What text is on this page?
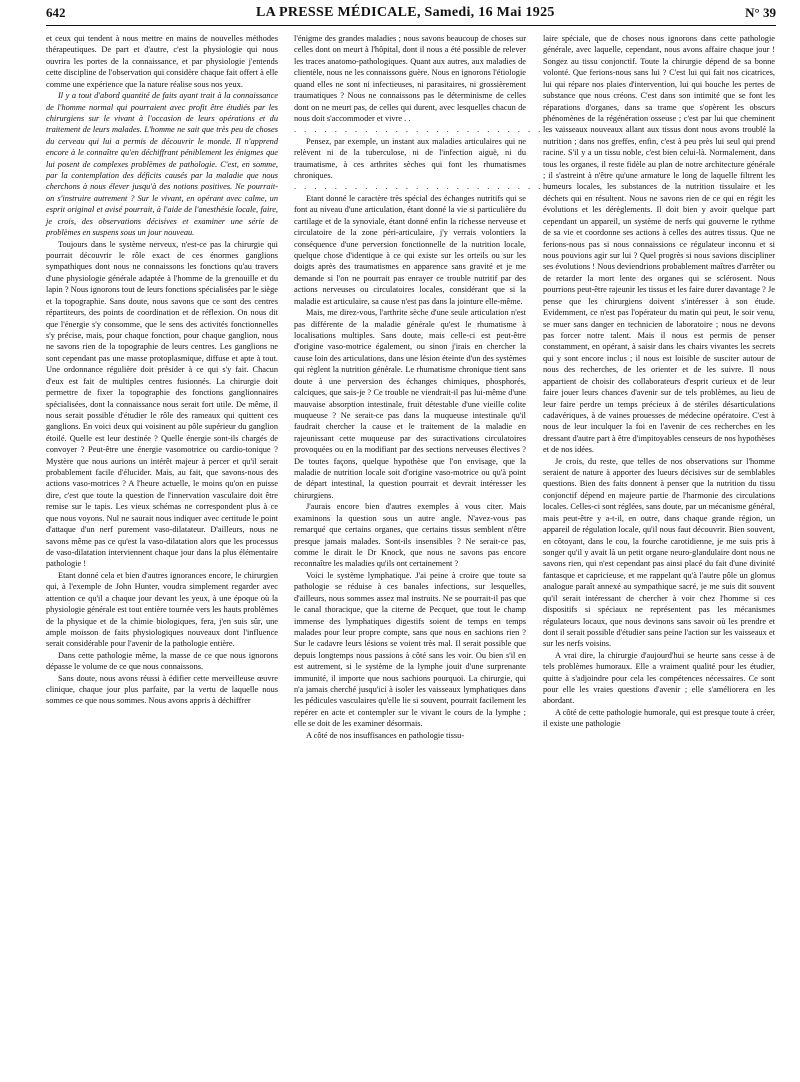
642	LA PRESSE MÉDICALE, Samedi, 16 Mai 1925	N° 39

et ceux qui tendent à nous mettre en mains de nouvelles méthodes thérapeutiques. De part et d'autre, c'est la physiologie qui nous ouvrira les portes de la connaissance, et par physiologie j'entends cette discipline de l'observation qui considère chaque fait offert à elle comme une expérience que la nature réalise sous nos yeux.

Il y a tout d'abord quantité de faits ayant trait à la connaissance de l'homme normal qui pourraient avec profit être étudiés par les chirurgiens sur le vivant à l'occasion de leurs opérations et du traitement de leurs malades. L'homme ne sait que très peu de choses du cerveau qui lui a permis de découvrir le monde. Il n'apprend encore à le connaître qu'en déchiffrant péniblement les énigmes que lui posent de complexes problèmes de pathologie. C'est, en somme, par la contemplation des déficits causés par la maladie que nous cherchons à nous élever jusqu'à des notions positives. Ne pourrait-on s'instruire autrement ? Sur le vivant, en opérant avec calme, un esprit original et avisé pourrait, à l'aide de l'anesthésie locale, faire, je crois, des observations décisives et examiner une série de problèmes en suspens sous un jour nouveau.

Toujours dans le système nerveux, n'est-ce pas la chirurgie qui pourrait découvrir le rôle exact de ces énormes ganglions sympathiques dont nous ne connaissons les fonctions qu'au travers d'une physiologie générale adaptée à l'homme de la grenouille et du lapin ? Nous ignorons tout de leurs fonctions spécialisées par le siège et la topographie. Sans doute, nous savons que ce sont des centres répartiteurs, des points de coordination et de réflexion. On nous dit que l'énergie s'y consomme, que le sens des activités fonctionnelles s'y précise, mais, pour chaque fonction, pour chaque ganglion, nous ne savons rien de la topographie de leurs centres. Les ganglions ne sont cependant pas une masse protoplasmique, diffuse et apte à tout. Une ordonnance régulière doit présider à ce qui s'y fait. Chacun d'eux est fait de multiples centres fusionnés. La chirurgie doit permettre de fixer la topographie des fonctions ganglionnaires spécialisées, dont la connaissance nous serait fort utile. De même, il nous serait possible d'étudier le rôle des rameaux qui quittent ces ganglions. En voici deux qui voisinent au pôle supérieur du ganglion étoilé. Quelle est leur destinée ? Quelle énergie sont-ils chargés de convoyer ? Peut-être une énergie vasomotrice ou cardio-tonique ? Mystère que nous aurions un intérêt majeur à percer et qu'il serait probablement facile d'élucider. Mais, au fait, que savons-nous des actions vaso-motrices ? A l'heure actuelle, le moins qu'on en puisse dire, c'est que toute la question de l'innervation vasculaire doit être remise sur le tapis. Les vieux schémas ne correspondent plus à ce que nous voyons. Nul ne saurait nous indiquer avec certitude le point d'attaque d'un nerf purement vaso-dilatateur. D'ailleurs, nous ne savons même pas ce qu'est la vaso-dilatation alors que les processus de vaso-dilatation interviennent chaque jour dans la plus élémentaire pathologie !

Etant donné cela et bien d'autres ignorances encore, le chirurgien qui, à l'exemple de John Hunter, voudra simplement regarder avec attention ce qu'il a chaque jour devant les yeux, à une époque où la physiologie générale est tout entière tournée vers les hauts problèmes de la physique et de la chimie biologiques, fera, j'en suis sûr, une ample moisson de faits physiologiques nouveaux dont l'influence serait considérable pour l'avenir de la pathologie entière.

Dans cette pathologie même, la masse de ce que nous ignorons dépasse le volume de ce que nous connaissons.

Sans doute, nous avons réussi à édifier cette merveilleuse œuvre clinique, chaque jour plus parfaite, par la vertu de laquelle nous sommes ce que nous sommes. Nous avons appris à déchiffrer

l'énigme des grandes maladies ; nous savons beaucoup de choses sur celles dont on meurt à l'hôpital, dont il nous a été possible de relever les traces anatomo-pathologiques. Quant aux autres, aux maladies de clientèle, nous ne les connaissons guère. Nous en ignorons l'étiologie quand elles ne sont ni infectieuses, ni parasitaires, ni grossièrement traumatiques ? Nous ne connaissons pas le déterminisme de celles dont on ne meurt pas, de celles qui durent, avec lesquelles chacun de nous doit s'accommoder et vivre . .

. . . . . . . . . . . . . . . . . . . . . . . . . . . .

Pensez, par exemple, un instant aux maladies articulaires qui ne relèvent ni de la tuberculose, ni de l'infection aiguë, ni du traumatisme, à ces arthrites sèches qui font les rhumatismes chroniques.

. . . . . . . . . . . . . . . . . . . . . . . . . . . .

Etant donné le caractère très spécial des échanges nutritifs qui se font au niveau d'une articulation, étant donné la vie si particulière du cartilage et de la synoviale, étant donné enfin la richesse nerveuse et circulatoire de la zone péri-articulaire, j'y verrais volontiers la conséquence d'une perversion fonctionnelle de la nutrition locale, quelque chose d'identique à ce qui existe sur les orteils ou sur les doigts après des traumatismes en apparence sans gravité et je me demande si l'on ne pourrait pas enrayer ce trouble nutritif par des actions nerveuses ou circulatoires locales, considérant que si la maladie est articulaire, sa cause n'est pas dans la jointure elle-même.

Mais, me direz-vous, l'arthrite sèche d'une seule articulation n'est pas différente de la maladie générale qu'est le rhumatisme à localisations multiples. Sans doute, mais celle-ci est peut-être d'origine vaso-motrice également, ou sinon j'irais en chercher la cause loin des articulations, dans une lésion éteinte d'un des systèmes qui règlent la nutrition générale. Le rhumatisme chronique tient sans doute à une perversion des échanges chimiques, phosphorés, calciques, que sais-je ? Ce trouble ne viendrait-il pas lui-même d'une mauvaise absorption intestinale, fruit détestable d'une vieille colite muqueuse ? Ne serait-ce pas dans la muqueuse intestinale qu'il faudrait chercher la cause et le traitement de la maladie en rajeunissant cette muqueuse par des suractivations circulatoires provoquées ou en la modifiant par des sections nerveuses électives ? De toutes façons, quelque hypothèse que l'on envisage, que la maladie de nutrition locale soit d'origine vaso-motrice ou qu'à point de départ intestinal, la question pourrait et devrait intéresser les chirurgiens.

J'aurais encore bien d'autres exemples à vous citer. Mais examinons la question sous un autre angle. N'avez-vous pas remarqué que certains organes, que certains tissus semblent n'être presque jamais malades. Sont-ils insensibles ? Ne serait-ce pas, comme le dirait le Dr Knock, que nous ne savons pas encore reconnaître les maladies qu'ils ont certainement ?

Voici le système lymphatique. J'ai peine à croire que toute sa pathologie se réduise à ces banales infections, sur lesquelles, d'ailleurs, nous sommes assez mal instruits. Ne se pourrait-il pas que le canal thoracique, que la citerne de Pecquet, que tout le champ immense des lymphatiques digestifs soient de temps en temps malades pour leur propre compte, sans que nous en sachions rien ? Sur le cadavre leurs lésions se voient très mal. Il serait possible que depuis longtemps nous passions à côté sans les voir. Ou bien s'il en est autrement, si le système de la lymphe jouit d'une surprenante immunité, il importe que nous sachions pourquoi. La chirurgie, qui n'a jamais cherché jusqu'ici à isoler les vaisseaux lymphatiques dans les pédicules vasculaires qu'elle lie si souvent, pourrait facilement les repérer en acte et contempler sur le vivant le cours de la lymphe ; elle se doit de les examiner désormais.

A côté de nos insuffisances en pathologie tissu-

laire spéciale, que de choses nous ignorons dans cette pathologie générale, avec laquelle, cependant, nous avons affaire chaque jour ! Songez au tissu conjonctif. Toute la chirurgie dépend de sa bonne volonté. Que ferions-nous sans lui ? C'est lui qui fait nos cicatrices, lui qui répare nos plaies d'intervention, lui qui bouche les pertes de substance que nous créons. C'est dans son intimité que se font les réparations d'organes, dans sa trame que s'opèrent les obscurs phénomènes de la régénération osseuse ; c'est par lui que cheminent les vaisseaux nouveaux allant aux tissus dont nous avons troublé la nutrition ; dans nos greffes, enfin, c'est à peu près lui seul qui prend racine. S'il y a un tissu noble, c'est bien celui-là. Normalement, dans tous les organes, il reste fidèle au plan de notre architecture générale ; il s'astreint à n'être qu'une armature le long de laquelle filtrent les humeurs locales, les substances de la nutrition tissulaire et les déchets qui en résultent. Nous ne savons rien de ce qui en régit les évolutions et les dérèglements. Il doit bien y avoir quelque part cependant un appareil, un système de nerfs qui gouverne le rythme de sa vie et coordonne ses actions à celles des autres tissus. Que ne ferions-nous pas si nous connaissions ce régulateur inconnu et si nous pouvions agir sur lui ? Quel progrès si nous savions discipliner ses évolutions ! Nous deviendrions probablement maîtres d'arrêter ou de retarder la mort lente des organes qui se sclérosent. Nous pourrions peut-être rajeunir les tissus et les faire durer davantage ? Je pense que les chirurgiens doivent s'intéresser à son étude. Evidemment, ce n'est pas l'opérateur du matin qui peut, le soir venu, se muer sans danger en technicien de laboratoire ; nous ne devons pas forcer notre talent. Mais il nous est permis de penser constamment, en opérant, à saisir dans les chairs vivantes les secrets qui y sont encore inclus ; il nous est loisible de susciter autour de nous des recherches, de les orienter et de les suivre. Il nous appartient de choisir des collaborateurs d'esprit curieux et de leur faire jouer leurs chances d'avenir sur de tels problèmes, au lieu de leur faire perdre un temps précieux à de stériles désarticulations cadavériques, à de vaines prouesses de médecine opératoire. C'est à nous de leur inculquer la foi en l'avenir de ces recherches en les dressant d'autre part à être d'impitoyables censeurs de nos hypothèses et de nos idées.

Je crois, du reste, que telles de nos observations sur l'homme seraient de nature à apporter des lueurs décisives sur de semblables questions. Bien des faits donnent à penser que la nutrition du tissu conjonctif dépend en majeure partie de l'harmonie des circulations locales. Celles-ci sont réglées, sans doute, par un mécanisme général, mais peut-être y a-t-il, en outre, dans chaque grande région, un appareil de régulation locale, qu'il nous faut découvrir. Bien souvent, en côtoyant, dans le cou, la fourche carotidienne, je me suis pris à songer qu'il y avait là un petit organe neuro-glandulaire dont nous ne savons rien, qui n'est cependant pas ainsi placé du fait d'une divinité fantasque et capricieuse, et me rappelant qu'à l'autre pôle un glomus analogue paraît annexé au sympathique sacré, je me suis dit souvent qu'il serait intéressant de chercher à voir chez l'homme si ces dispositifs si spéciaux ne représentent pas les mécanismes régulateurs locaux, que nous devinons sans savoir où les prendre et dont il serait possible d'étudier sans peine l'action sur les vaisseaux et sur les nerfs voisins.

A vrai dire, la chirurgie d'aujourd'hui se heurte sans cesse à de tels problèmes humoraux. Elle a vraiment qualité pour les étudier, quitte à s'adjoindre pour cela les compétences nécessaires. Ce sont pour elle les vraies questions d'avenir ; elle s'améliorera en les abordant.

A côté de cette pathologie humorale, qui est presque toute à créer, il existe une pathologie
